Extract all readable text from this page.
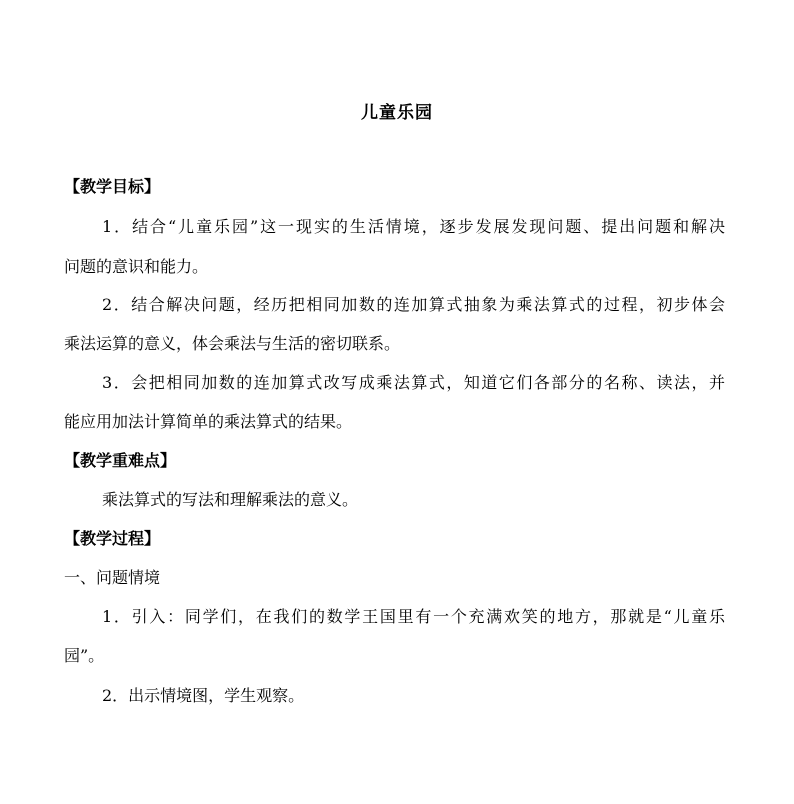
儿童乐园
【教学目标】
1．结合“儿童乐园”这一现实的生活情境，逐步发展发现问题、提出问题和解决
问题的意识和能力。
2．结合解决问题，经历把相同加数的连加算式抽象为乘法算式的过程，初步体会
乘法运算的意义，体会乘法与生活的密切联系。
3．会把相同加数的连加算式改写成乘法算式，知道它们各部分的名称、读法，并
能应用加法计算简单的乘法算式的结果。
【教学重难点】
乘法算式的写法和理解乘法的意义。
【教学过程】
一、问题情境
1．引入：同学们，在我们的数学王国里有一个充满欢笑的地方，那就是“儿童乐
园”。
2．出示情境图，学生观察。
